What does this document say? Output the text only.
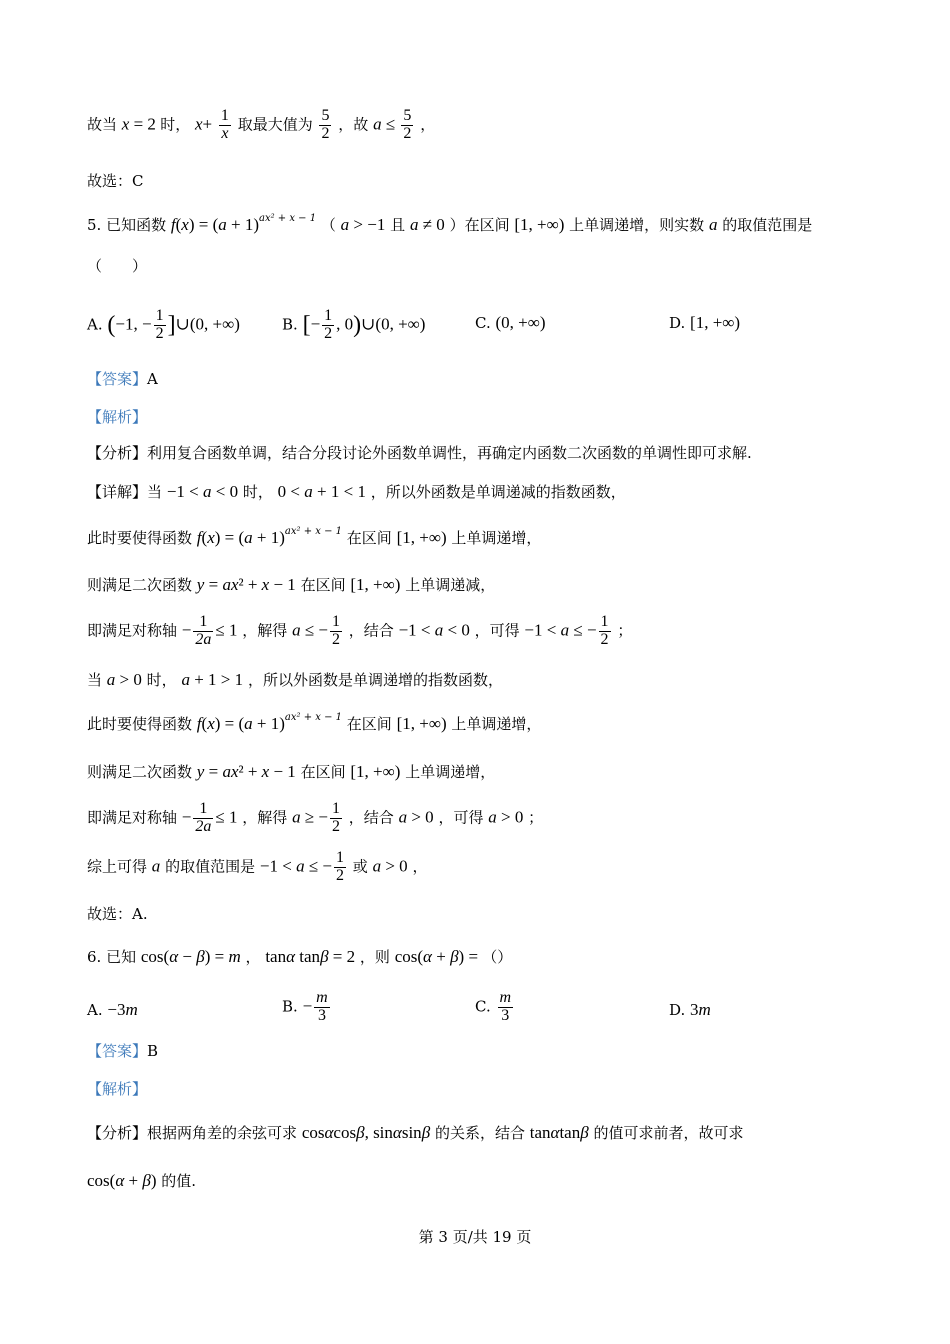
故当 x = 2 时， $x+ \frac{1}{x}$ 取最大值为 $\frac{5}{2}$ ，故 $a \le \frac{5}{2}$ ，
故选：C
5. 已知函数 $f(x) = (a + 1)^{ax^2 + x - 1}$ （ a > −1 且 a ≠ 0 ）在区间 [1, +∞) 上单调递增，则实数 a 的取值范围是
（　　）
A. (−1, − $\frac{1}{2}$ ]∪(0, +∞)	B. [− $\frac{1}{2}$ , 0)∪(0, +∞)	C. (0, +∞)	D. [1, +∞)
【答案】A
【解析】
【分析】利用复合函数单调，结合分段讨论外函数单调性，再确定内函数二次函数的单调性即可求解.
【详解】当 −1 < a < 0 时， 0 < a + 1 < 1 ，所以外函数是单调递减的指数函数，
此时要使得函数 $f(x) = (a + 1)^{ax^2 + x - 1}$ 在区间 [1, +∞) 上单调递增，
则满足二次函数 y = ax² + x − 1 在区间 [1, +∞) 上单调递减，
即满足对称轴 − $\frac{1}{2a} \le 1$ ，解得 a ≤ − $\frac{1}{2}$ ，结合 −1 < a < 0 ，可得 −1 < a ≤ − $\frac{1}{2}$ ；
当 a > 0 时， a + 1 > 1 ，所以外函数是单调递增的指数函数，
此时要使得函数 $f(x) = (a + 1)^{ax^2 + x - 1}$ 在区间 [1, +∞) 上单调递增，
则满足二次函数 y = ax² + x − 1 在区间 [1, +∞) 上单调递增，
即满足对称轴 − $\frac{1}{2a} \le 1$ ，解得 a ≥ − $\frac{1}{2}$ ，结合 a > 0 ，可得 a > 0 ；
综上可得 a 的取值范围是 −1 < a ≤ − $\frac{1}{2}$ 或 a > 0 ，
故选：A.
6. 已知 cos(α − β) = m ， tanα tanβ = 2 ，则 cos(α + β) = （）
A. −3m	B. − $\frac{m}{3}$	C. $\frac{m}{3}$	D. 3m
【答案】B
【解析】
【分析】根据两角差的余弦可求 cosαcosβ, sinαsinβ 的关系，结合 tanαtanβ 的值可求前者，故可求
cos(α + β) 的值.
第 3 页/共 19 页
